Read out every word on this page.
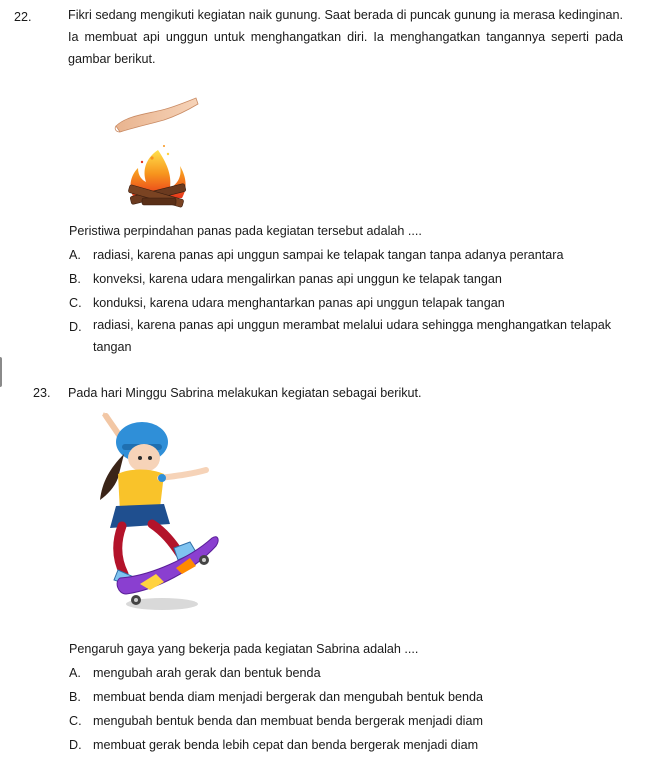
22.	Fikri sedang mengikuti kegiatan naik gunung. Saat berada di puncak gunung ia merasa kedinginan. Ia membuat api unggun untuk menghangatkan diri. Ia menghangatkan tangannya seperti pada gambar berikut.
Peristiwa perpindahan panas pada kegiatan tersebut adalah ....
A. radiasi, karena panas api unggun sampai ke telapak tangan tanpa adanya perantara
B. konveksi, karena udara mengalirkan panas api unggun ke telapak tangan
C. konduksi, karena udara menghantarkan panas api unggun telapak tangan
D. radiasi, karena panas api unggun merambat melalui udara sehingga menghangatkan telapak tangan
23. Pada hari Minggu Sabrina melakukan kegiatan sebagai berikut.
Pengaruh gaya yang bekerja pada kegiatan Sabrina adalah ....
A. mengubah arah gerak dan bentuk benda
B. membuat benda diam menjadi bergerak dan mengubah bentuk benda
C. mengubah bentuk benda dan membuat benda bergerak menjadi diam
D. membuat gerak benda lebih cepat dan benda bergerak menjadi diam
